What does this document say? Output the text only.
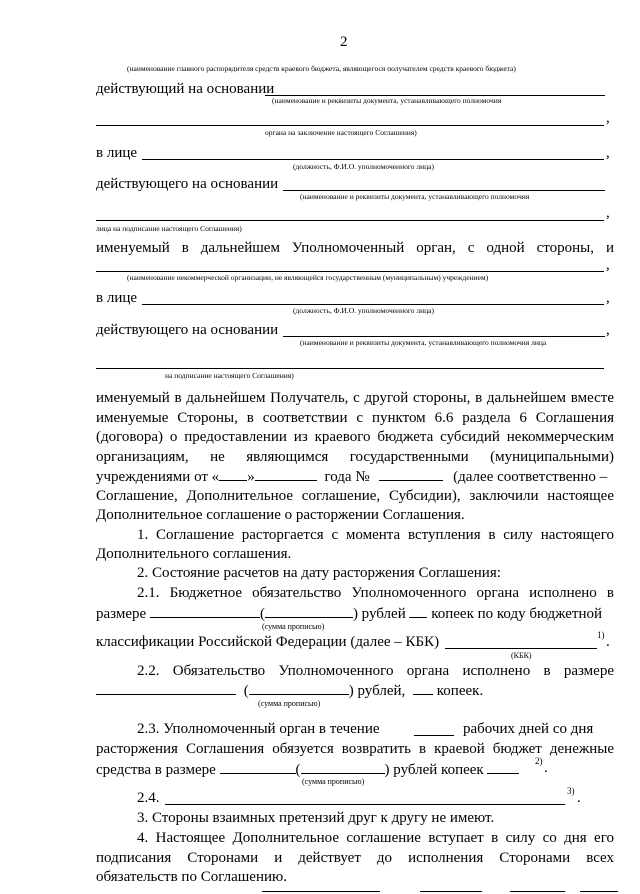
2
(наименование главного распорядителя средств краевого бюджета, являющегося получателем средств краевого бюджета)
действующий на основании
(наименование и реквизиты документа, устанавливающего полномочия
,
органа на заключение настоящего Соглашения)
в лице	,
(должность, Ф.И.О. уполномоченного лица)
действующего на основании
(наименование и реквизиты документа, устанавливающего полномочия
,
лица на подписание настоящего Соглашения)
именуемый в дальнейшем Уполномоченный орган, с одной стороны, и
,
(наименование некоммерческой организации, не являющейся государственным (муниципальным) учреждением)
в лице	,
(должность, Ф.И.О. уполномоченного лица)
действующего на основании	,
(наименование и реквизиты документа, устанавливающего полномочия лица
на подписание настоящего Соглашения)
именуемый в дальнейшем Получатель, с другой стороны, в дальнейшем вместе
именуемые Стороны, в соответствии с пунктом 6.6 раздела 6 Соглашения
(договора) о предоставлении из краевого бюджета субсидий некоммерческим
организациям, не являющимся государственными (муниципальными)
учреждениями от « »	года №	(далее соответственно –
Соглашение, Дополнительное соглашение, Субсидии), заключили настоящее
Дополнительное соглашение о расторжении Соглашения.
1. Соглашение расторгается с момента вступления в силу настоящего
Дополнительного соглашения.
2. Состояние расчетов на дату расторжения Соглашения:
2.1. Бюджетное обязательство Уполномоченного органа исполнено в
размере	(	) рублей копеек по коду бюджетной
(сумма прописью)
классификации Российской Федерации (далее – КБК)	1) .
(КБК)
2.2. Обязательство Уполномоченного органа исполнено в размере
(	) рублей, копеек.
(сумма прописью)
2.3. Уполномоченный орган в течение	рабочих дней со дня
расторжения Соглашения обязуется возвратить в краевой бюджет денежные
средства в размере	(	) рублей копеек
2) .
(сумма прописью)
2.4.	3) .
3. Стороны взаимных претензий друг к другу не имеют.
4. Настоящее Дополнительное соглашение вступает в силу со дня его
подписания Сторонами и действует до исполнения Сторонами всех
обязательств по Соглашению.
